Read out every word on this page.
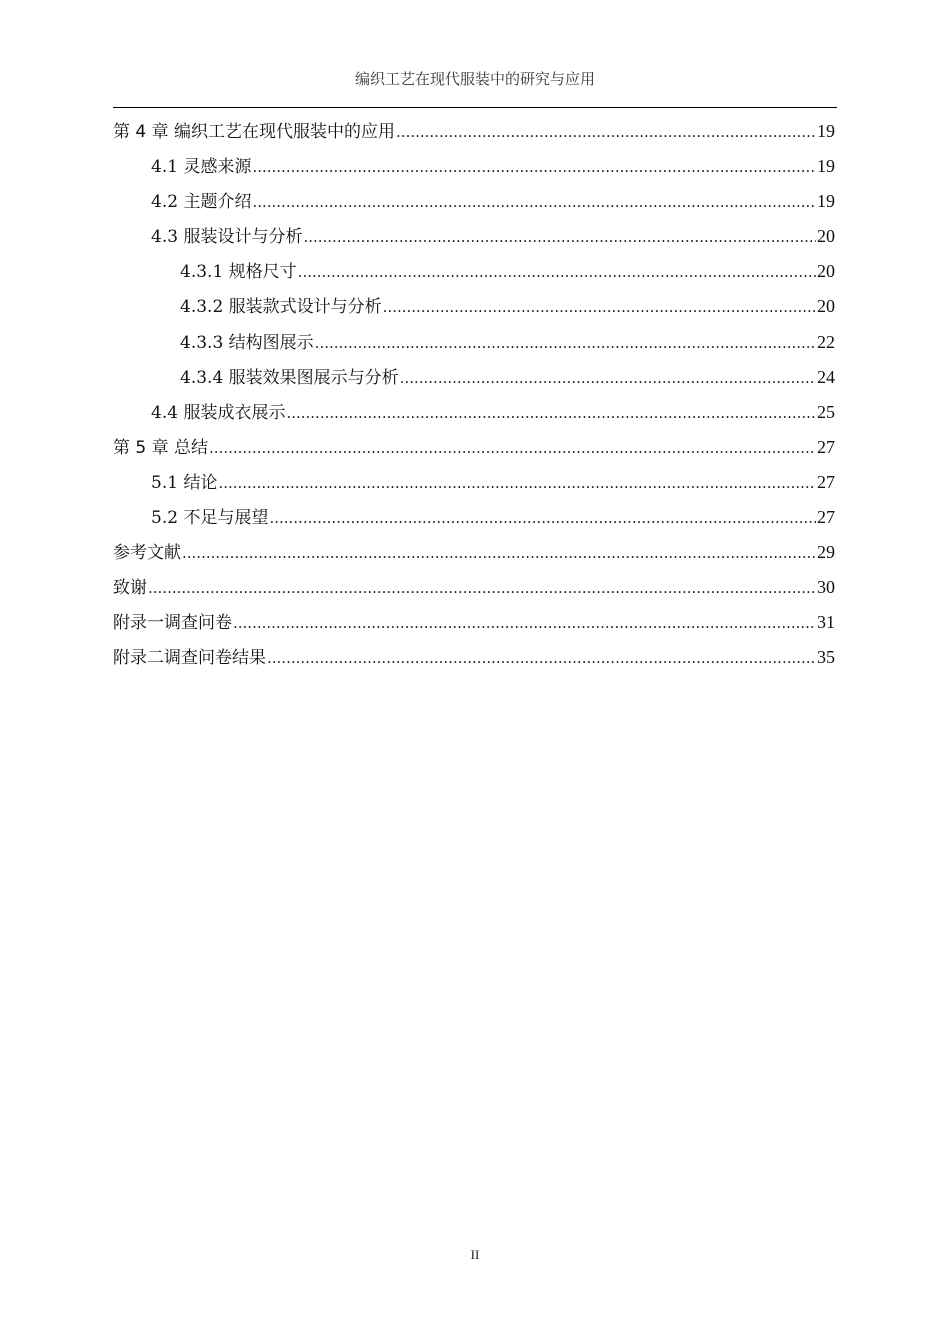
编织工艺在现代服装中的研究与应用
第 4 章 编织工艺在现代服装中的应用 .....	19
4.1 灵感来源 .....	19
4.2 主题介绍 .....	19
4.3 服装设计与分析 .....	20
4.3.1 规格尺寸 .....	20
4.3.2 服装款式设计与分析 .....	20
4.3.3 结构图展示 .....	22
4.3.4 服装效果图展示与分析 .....	24
4.4 服装成衣展示 .....	25
第 5 章 总结 .....	27
5.1 结论 .....	27
5.2 不足与展望 .....	27
参考文献 .....	29
致谢 .....	30
附录一调查问卷 .....	31
附录二调查问卷结果 .....	35
II
